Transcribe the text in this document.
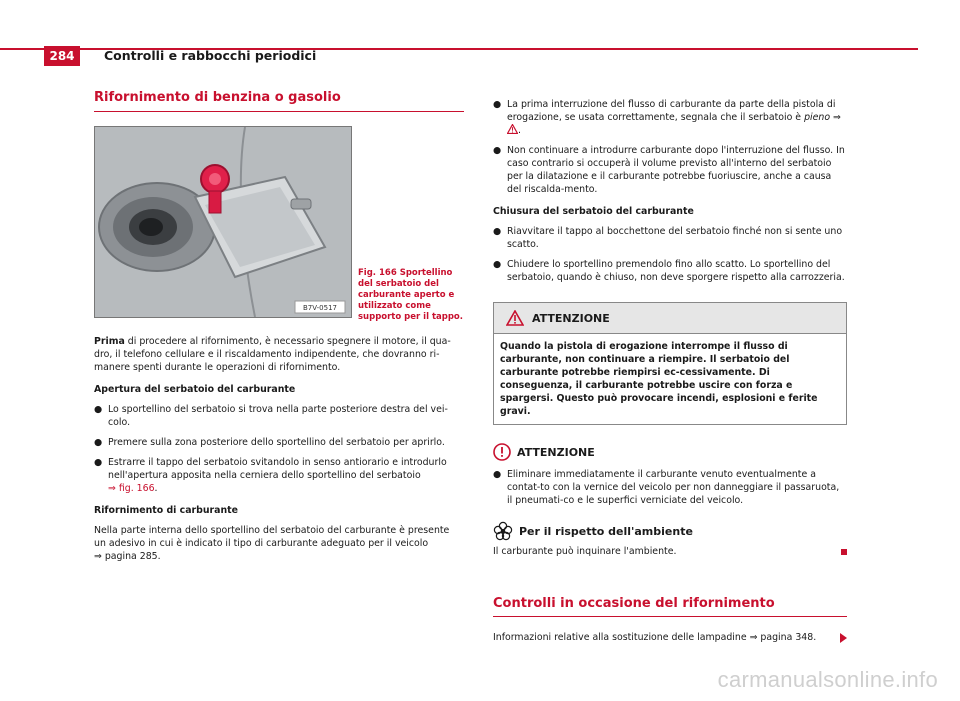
284	Controlli e rabbocchi periodici
Rifornimento di benzina o gasolio
B7V-0517
Fig. 166 Sportellino del serbatoio del carburante aperto e utilizzato come supporto per il tappo.

Prima di procedere al rifornimento, è necessario spegnere il motore, il qua-dro, il telefono cellulare e il riscaldamento indipendente, che dovranno ri-manere spenti durante le operazioni di rifornimento.

Apertura del serbatoio del carburante

● Lo sportellino del serbatoio si trova nella parte posteriore destra del vei-colo.

● Premere sulla zona posteriore dello sportellino del serbatoio per aprirlo.

● Estrarre il tappo del serbatoio svitandolo in senso antiorario e introdurlo nell'apertura apposita nella cerniera dello sportellino del serbatoio
⇒ fig. 166.

Rifornimento di carburante

Nella parte interna dello sportellino del serbatoio del carburante è presente un adesivo in cui è indicato il tipo di carburante adeguato per il veicolo
⇒ pagina 285.

● La prima interruzione del flusso di carburante da parte della pistola di erogazione, se usata correttamente, segnala che il serbatoio è pieno ⇒ .

● Non continuare a introdurre carburante dopo l'interruzione del flusso. In caso contrario si occuperà il volume previsto all'interno del serbatoio per la dilatazione e il carburante potrebbe fuoriuscire, anche a causa del riscalda-mento.

Chiusura del serbatoio del carburante

● Riavvitare il tappo al bocchettone del serbatoio finché non si sente uno scatto.

● Chiudere lo sportellino premendolo fino allo scatto. Lo sportellino del serbatoio, quando è chiuso, non deve sporgere rispetto alla carrozzeria.

ATTENZIONE
Quando la pistola di erogazione interrompe il flusso di carburante, non continuare a riempire. Il serbatoio del carburante potrebbe riempirsi ec-cessivamente. Di conseguenza, il carburante potrebbe uscire con forza e spargersi. Questo può provocare incendi, esplosioni e ferite gravi.
ATTENZIONE
● Eliminare immediatamente il carburante venuto eventualmente a contat-to con la vernice del veicolo per non danneggiare il passaruota, il pneumati-co e le superfici verniciate del veicolo.

Per il rispetto dell'ambiente

Il carburante può inquinare l'ambiente.

Controlli in occasione del rifornimento

Informazioni relative alla sostituzione delle lampadine ⇒ pagina 348.

carmanualsonline.info
